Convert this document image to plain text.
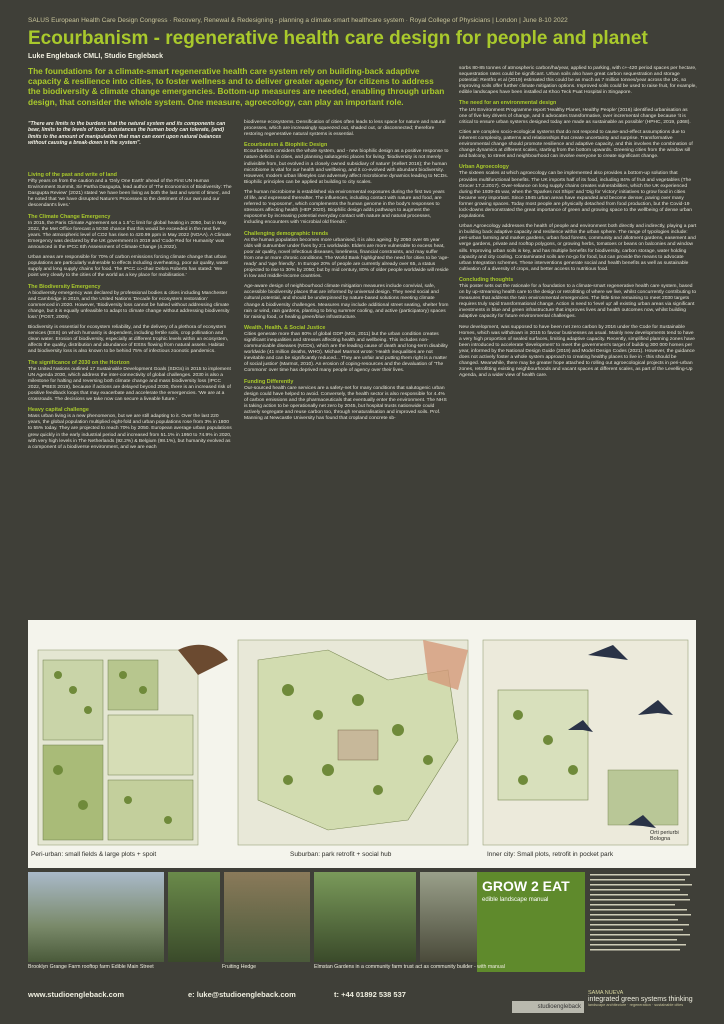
SALUS European Health Care Design Congress · Recovery, Renewal & Redesigning - planning a climate smart healthcare system · Royal College of Physicians | London | June 8-10 2022
Ecourbanism - regenerative health care design for people and planet
Luke Engleback CMLI, Studio Engleback
The foundations for a climate-smart regenerative health care system rely on building-back adaptive capacity & resilience into cities, to foster wellness and to deliver greater agency for citizens to address the biodiversity & climate change emergencies. Bottom-up measures are needed, enabling through urban design, that consider the whole system. One measure, agroecology, can play an important role.
"There are limits to the burdens that the natural system and its components can bear, limits to the levels of toxic substances the human body can tolerate, (and) limits to the amount of manipulation that man can exert upon natural balances without causing a break-down in the system".
Living of the past and write of land

Fifty years on from the caution and a 'Only One Earth' ahead of the First UN Human Environment Summit, Sir Partha Dasgupta, lead author of 'The Economics of Biodiversity: The Dasgupta Review' (2021) stated 'we have been living as both the last and worst of times', and he noted that 'we have disrupted Nature's Processes to the detriment of our own and our descendant's lives.'

The Climate Change Emergency

In 2015, the Paris Climate Agreement set a 1.5°C limit for global heating in 2050, but in May 2022, the Met Office forecast a 50:50 chance that this would be exceeded in the next five years. The atmospheric level of CO2 has risen to 420.99 ppm in May 2022 (NOAA). A Climate Emergency was declared by the UK government in 2019 and 'Code Red for Humanity' was announced in the IPCC 6th Assessment of Climate Change (4.2022).

Urban areas are responsible for 70% of carbon emissions forcing climate change that urban populations are particularly vulnerable to effects including overheating, poor air quality, water supply and long supply chains for food. The IPCC co-chair Debra Roberts has stated: 'We point very clearly to the cities of the world as a key place for mobilisation.'

The Biodiversity Emergency

A biodiversity emergency was declared by professional bodies & cities including Manchester and Cambridge in 2019, and the United Nations 'Decade for ecosystem restoration' commenced in 2020. However, 'Biodiversity loss cannot be halted without addressing climate change, but it is equally unfeasible to adapt to climate change without addressing biodiversity loss' (POST, 2009).

Biodiversity is essential for ecosystem reliability, and the delivery of a plethora of ecosystem services (ESS) on which humanity is dependent, including fertile soils, crop pollination and clean water. Erosion of biodiversity, especially at different trophic levels within an ecosystem, affects the quality, distribution and abundance of ESSs flowing from natural assets. Habitat and biodiversity loss is also known to be behind 75% of infectious zoonotic pandemics.

The significance of 2030 on the Horizon

The United Nations outlined 17 Sustainable Development Goals (SDGs) in 2015 to implement UN Agenda 2030, which address the inter-connectivity of global challenges. 2030 is also a milestone for halting and reversing both climate change and mass biodiversity loss (IPCC 2022, IPBES 2019), because if actions are delayed beyond 2030, there is an increased risk of positive feedback loops that may exacerbate and accelerate the emergencies. 'We are at a crossroads. The decisions we take now can secure a liveable future.'

Heavy capital challenge

Mass urban living is a new phenomenon, but we are still adapting to it. Over the last 220 years, the global population multiplied eight-fold and urban populations rose from 3% in 1800 to 55% today. They are projected to reach 70% by 2050. European average urban populations grew quickly in the early industrial period and increased from 51.1% in 1950 to 74.9% in 2020, with very high levels in The Netherlands (92.2%) & Belgium (98.1%), but humanity evolved as a component of a biodiverse environment, and we are each

biodiverse ecosystems. Densification of cities often leads to less space for nature and natural processes, which are increasingly squeezed out, shaded out, or disconnected; therefore restoring regenerative natural systems is essential.

Ecourbanism & Biophilic Design

Ecourbanism considers the whole system, and - new biophilic design as a positive response to nature deficits in cities, and planning salutogenic places for living: 'biodiversity is not merely indivisible from, but evolved in a closely owned subsidiary of nature' (Kellert 2016); the human microbiome is vital for our health and wellbeing, and it co-evolved with abundant biodiversity. However, modern urban lifestyles can adversely affect microbiome dynamics leading to NCDs. Biophilic principles can be applied at building to city scales.

The human microbiome is established via environmental exposures during the first two years of life, and expressed thereafter. The influences, including contact with nature and food, are referred to 'exposome', which complements the human genome in the body's responses to stressors affecting health (HEP 2020). Biophilic design adds pathways to augment the exposome by increasing potential everyday contact with nature and natural processes, including encounters with 'microbial old friends'.

Challenging demographic trends

As the human population becomes more urbanised, it is also ageing: by 2050 over 65 year olds will outnumber under fives by 2:1 worldwide. Elders are more vulnerable to excess heat, poor air quality, novel infectious diseases, loneliness, financial constraints, and may suffer from one or more chronic conditions. The World Bank highlighted the need for cities to be 'age-ready' and 'age friendly'. In Europe 20% of people are currently already over 65, a status projected to rise to 30% by 2050; but by mid century, 80% of older people worldwide will reside in low and middle-income countries.

Age-aware design of neighbourhood climate mitigation measures include convivial, safe, accessible biodiversity places that are informed by universal design. They need social and cultural potential, and should be underpinned by nature-based solutions meeting climate change & biodiversity challenges. Measures may include additional street seating, shelter from rain or wind, rain gardens, planting to bring summer cooling, and active (participatory) spaces for raising food, or healing green/blue infrastructure.

Wealth, Health, & Social Justice

Cities generate more than 80% of global GDP (MGI, 2011) but the urban condition creates significant inequalities and stresses affecting health and wellbeing. This includes non-communicable diseases (NCDs), which are the leading cause of death and long-term disability worldwide (41 million deaths, WHO). Michael Marmot wrote: 'Health inequalities are not inevitable and can be significantly reduced... They are unfair and putting them right is a matter of social justice' (Marmot, 2010). An erosion of coping-resources and the devaluation of 'The Commons' over time has deprived many people of agency over their lives.

Funding Differently

Our-sourced health care services are a safety-net for many conditions that salutogenic urban design could have helped to avoid. Conversely, the health sector is also responsible for 4.4% of carbon emissions and the pharmaceuticals that eventually enter the environment. The NHS is taking action to be operationally net zero by 2045, but hospital trusts nationwide could actively segregate and reuse carbon too, through renaturalisation and improved soils. Prof. Manning at Newcastle University has found that cropland concrete sb-

sorbs 80-85 tonnes of atmospheric carbon/ha/year, applied to parking, with c+-420 period spaces per hectare, sequestration rates could be significant. Urban soils also have great carbon sequestration and storage potential: Rentfro et al (2019) estimated this could be as much as 7 million tonnes/year across the UK, so improving soils offer further climate mitigation options. Improved soils could be used to raise fruit, for example, edible landscapes have been installed at Khoo Teck Puat Hospital in Singapore.

The need for an environmental design

The UN Environment Programme report 'Healthy Planet, Healthy People' (2016) identified urbanisation as one of five key drivers of change, and it advocates transformative, over incremental change because 'it is critical to ensure urban systems designed today are made as sustainable as possible' (HPHC, 2019, p368).

Cities are complex socio-ecological systems that do not respond to cause-and-effect assumptions due to inherent complexity, patterns and relationships that create uncertainty and surprise. Transformative environmental change should promote resilience and adaptive capacity, and this involves the combination of change dynamics at different scales, starting from the bottom upwards. Greening cities from the window sill and balcony, to street and neighbourhood can involve everyone to create significant change.

Urban Agroecology

The sixteen scales at which agroecology can be implemented also provides a bottom-up solution that provides multifunctional benefits. The UK imports half of its food, including 84% of fruit and vegetables (The Grocer 17.2.2017). Over-reliance on long supply chains creates vulnerabilities, which the UK experienced during the 1939-45 war, when the 'Sparkes not Ships' and 'Dig for Victory' initiatives to grow food in cities became very important. Since 1945 urban areas have expanded and become denser, paving over many former growing spaces. Today most people are physically detached from food production, but the Covid-19 lock-downs demonstrated the great importance of green and growing space to the wellbeing of dense urban populations.

Urban Agroecology addresses the health of people and environment both directly and indirectly, playing a part in building back adaptive capacity and resilience within the urban sphere. The range of typologies include: peri-urban farming and market gardens, urban food forests, community and allotment gardens, easement and verge gardens, private and rooftop polygons, or growing herbs, tomatoes or beans on balconies and window sills. Improving urban soils is key, and has multiple benefits for biodiversity, carbon storage, water holding capacity and city cooling. Contaminated soils are no-go for food, but can provide the means to advocate urban Integration schemes. These interventions generate social and health benefits as well as sustainable cultivation of a diversity of crops, and better access to nutritious food.

Concluding thoughts

This poster sets out the rationale for a foundation to a climate-smart regenerative health care system, based on by up-streaming health care to the design or retrofitting of where we live, whilst concurrently contributing to measures that address the twin environmental emergencies. The little time remaining to meet 2030 targets requires truly rapid transformational change. Action is need to 'level up' all existing urban areas via significant investments in blue and green infrastructure that improves lives and health outcomes now, whilst building adaptive capacity for future environmental challenges.

New development, was supposed to have been net zero carbon by 2016 under the Code for Sustainable Homes, which was withdrawn in 2015 to favour businesses as usual. Mainly new developments tend to have a very high proportion of sealed surfaces, limiting adaptive capacity. Recently, simplified planning zones have been introduced to accelerate 'development' to meet the government's target of building 300 000 homes per year, informed by the National Design Guide (2019) and Model Design Codes (2021). However, the guidance does not actively foster a whole system approach to creating healthy places to live in - this should be changed. Meanwhile, there may be greater hope attached to rolling out agroecological projects in peri-urban zones, retrofitting existing neighbourhoods and vacant spaces at different scales, as part of the Levelling-Up Agenda, and a wider view of health care.

Peri-urban: small fields & large plots + spoit	Suburban: park retrofit + social hub	Inner city: Small plots, retrofit in pocket park
Orti periurbi Bologna
GROW 2 EAT
edible landscape manual
Brooklyn Grange Farm rooftop farm Edible Main Street	Fruiting Hedge	Elmstan Gardens in a community farm trust act as community builder - with manual
www.studioengleback.com	e: luke@studioengleback.com	t: +44 01892 538 537
studioengleback
SAMA NUEVA
integrated green systems thinking
landscape architecture · regeneration · sustainable cities
